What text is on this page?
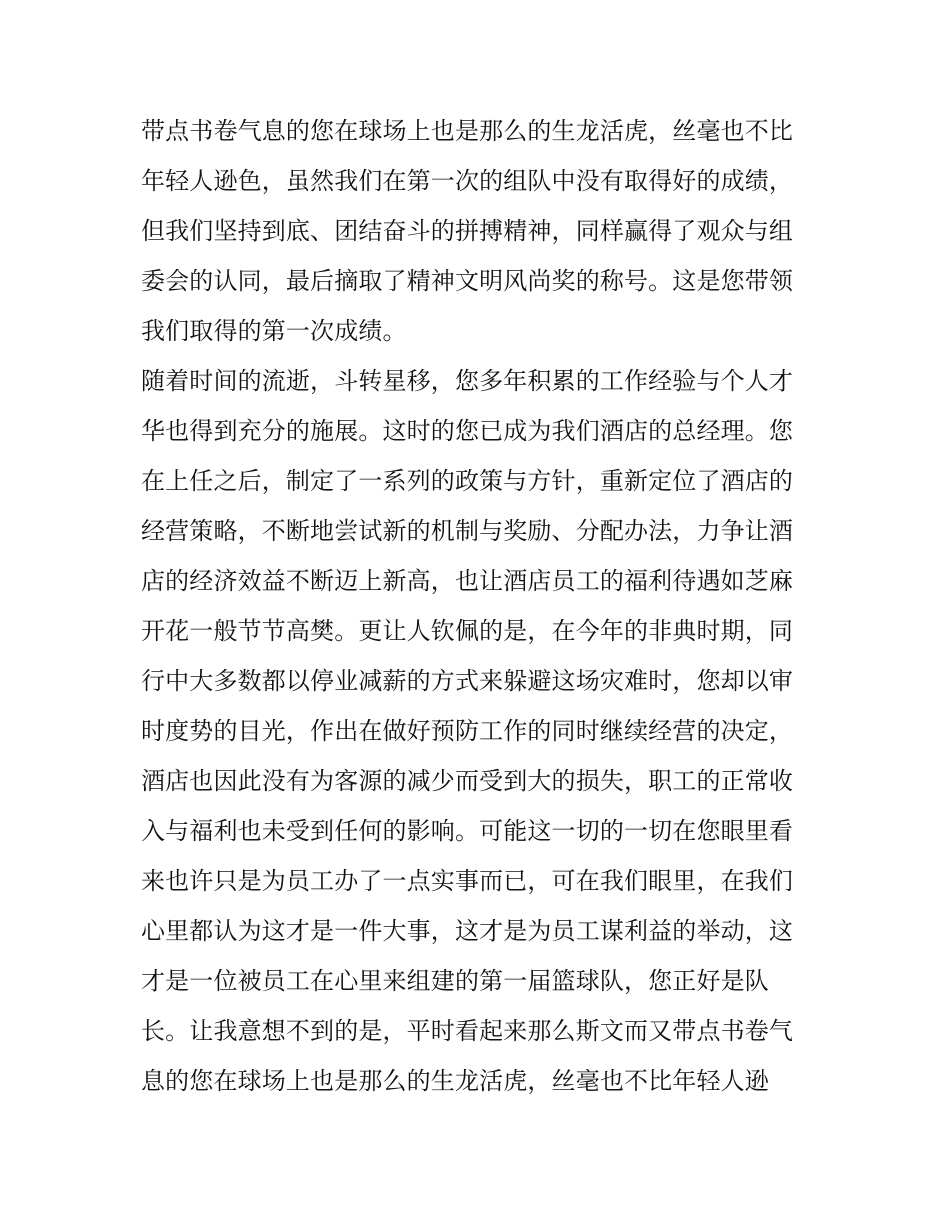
带点书卷气息的您在球场上也是那么的生龙活虎，丝毫也不比
年轻人逊色，虽然我们在第一次的组队中没有取得好的成绩，
但我们坚持到底、团结奋斗的拼搏精神，同样赢得了观众与组
委会的认同，最后摘取了精神文明风尚奖的称号。这是您带领
我们取得的第一次成绩。
随着时间的流逝，斗转星移，您多年积累的工作经验与个人才
华也得到充分的施展。这时的您已成为我们酒店的总经理。您
在上任之后，制定了一系列的政策与方针，重新定位了酒店的
经营策略，不断地尝试新的机制与奖励、分配办法，力争让酒
店的经济效益不断迈上新高，也让酒店员工的福利待遇如芝麻
开花一般节节高樊。更让人钦佩的是，在今年的非典时期，同
行中大多数都以停业减薪的方式来躲避这场灾难时，您却以审
时度势的目光，作出在做好预防工作的同时继续经营的决定，
酒店也因此没有为客源的减少而受到大的损失，职工的正常收
入与福利也未受到任何的影响。可能这一切的一切在您眼里看
来也许只是为员工办了一点实事而已，可在我们眼里，在我们
心里都认为这才是一件大事，这才是为员工谋利益的举动，这
才是一位被员工在心里来组建的第一届篮球队，您正好是队
长。让我意想不到的是，平时看起来那么斯文而又带点书卷气
息的您在球场上也是那么的生龙活虎，丝毫也不比年轻人逊
